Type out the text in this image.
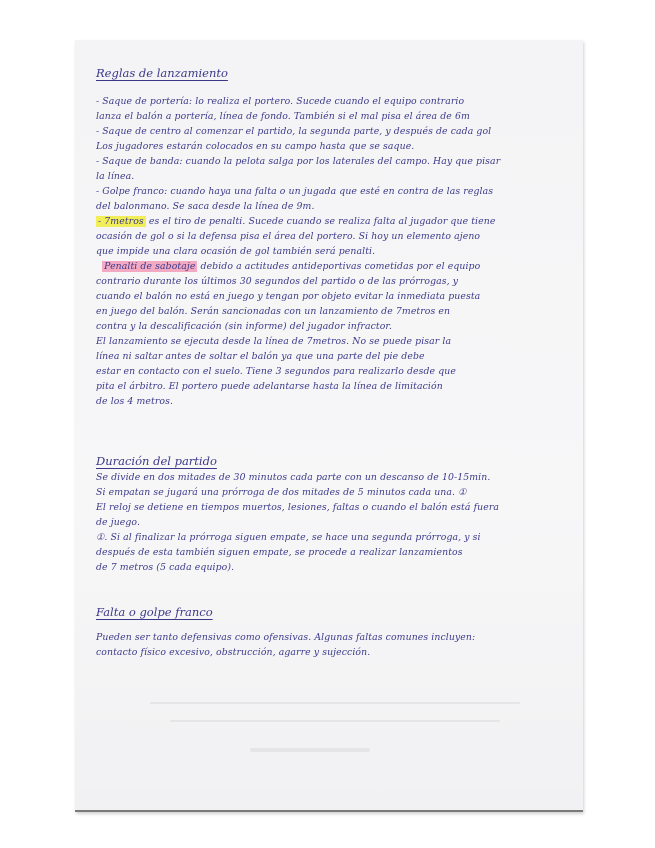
Reglas de lanzamiento
- Saque de portería: lo realiza el portero. Sucede cuando el equipo contrario
lanza el balón a portería, línea de fondo. También si el mal pisa el área de 6m
- Saque de centro al comenzar el partido, la segunda parte, y después de cada gol
Los jugadores estarán colocados en su campo hasta que se saque.
- Saque de banda: cuando la pelota salga por los laterales del campo. Hay que pisar
la línea.
- Golpe franco: cuando haya una falta o un jugada que esté en contra de las reglas
del balonmano. Se saca desde la línea de 9m.
- 7metros es el tiro de penalti. Sucede cuando se realiza falta al jugador que tiene
ocasión de gol o si la defensa pisa el área del portero. Si hoy un elemento ajeno
que impide una clara ocasión de gol también será penalti.
Penalti de sabotaje debido a actitudes antideportivas cometidas por el equipo
contrario durante los últimos 30 segundos del partido o de las prórrogas, y
cuando el balón no está en juego y tengan por objeto evitar la inmediata puesta
en juego del balón. Serán sancionadas con un lanzamiento de 7metros en
contra y la descalificación (sin informe) del jugador infractor.
El lanzamiento se ejecuta desde la línea de 7metros. No se puede pisar la
línea ni saltar antes de soltar el balón ya que una parte del pie debe
estar en contacto con el suelo. Tiene 3 segundos para realizarlo desde que
pita el árbitro. El portero puede adelantarse hasta la línea de limitación
de los 4 metros.
Duración del partido
Se divide en dos mitades de 30 minutos cada parte con un descanso de 10-15min.
Si empatan se jugará una prórroga de dos mitades de 5 minutos cada una. ①
El reloj se detiene en tiempos muertos, lesiones, faltas o cuando el balón está fuera
de juego.
①. Si al finalizar la prórroga siguen empate, se hace una segunda prórroga, y si
después de esta también siguen empate, se procede a realizar lanzamientos
de 7 metros (5 cada equipo).
Falta o golpe franco
Pueden ser tanto defensivas como ofensivas. Algunas faltas comunes incluyen:
contacto físico excesivo, obstrucción, agarre y sujección.
